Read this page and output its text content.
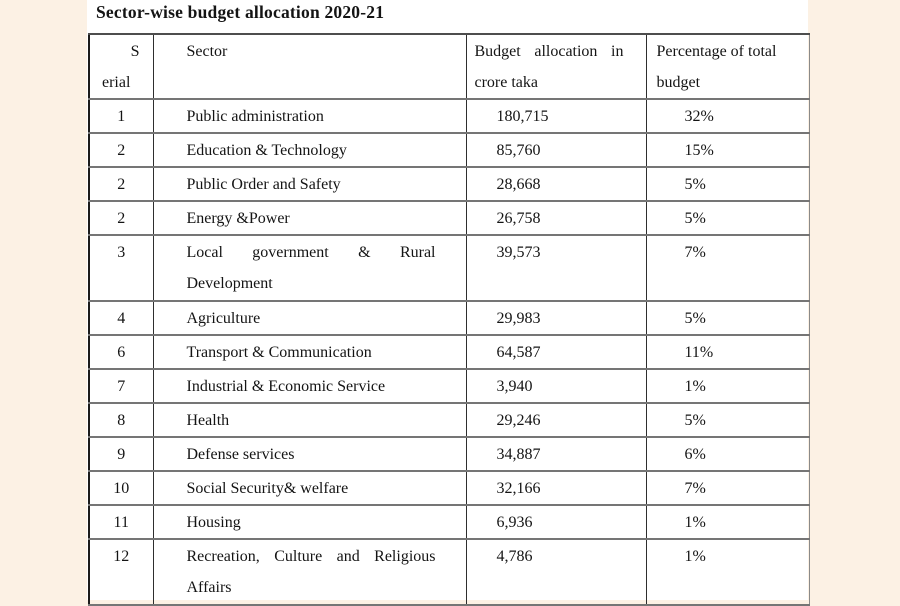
Sector-wise budget allocation 2020-21
S
erial	Sector	Budget allocation in crore taka	Percentage of total budget
1	Public administration	180,715	32%
2	Education & Technology	85,760	15%
2	Public Order and Safety	28,668	5%
2	Energy &Power	26,758	5%
3	Local government & Rural Development	39,573	7%
4	Agriculture	29,983	5%
6	Transport & Communication	64,587	11%
7	Industrial & Economic Service	3,940	1%
8	Health	29,246	5%
9	Defense services	34,887	6%
10	Social Security& welfare	32,166	7%
11	Housing	6,936	1%
12	Recreation, Culture and Religious Affairs	4,786	1%
